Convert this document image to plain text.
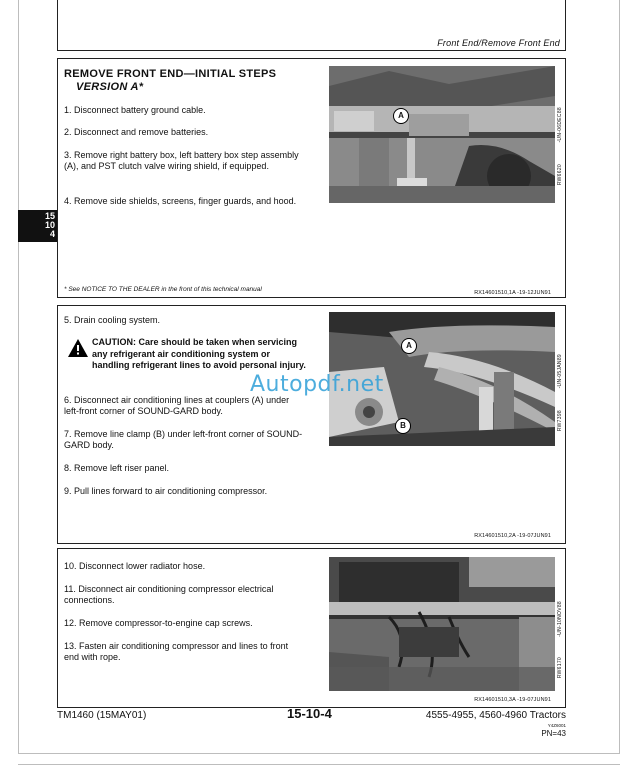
Front End/Remove Front End
15
10
4
REMOVE FRONT END—INITIAL STEPS
VERSION A*
1. Disconnect battery ground cable.
2. Disconnect and remove batteries.
3. Remove right battery box, left battery box step assembly (A), and PST clutch valve wiring shield, if equipped.
4. Remove side shields, screens, finger guards, and hood.
* See NOTICE TO THE DEALER in the front of this technical manual	RX14601510,1A -19-12JUN91
A
RW6620
-UN-06DEC88
5. Drain cooling system.
CAUTION: Care should be taken when servicing any refrigerant air conditioning system or handling refrigerant lines to avoid personal injury.
6. Disconnect air conditioning lines at couplers (A) under left-front corner of SOUND-GARD body.
7. Remove line clamp (B) under left-front corner of SOUND-GARD body.
8. Remove left riser panel.
9. Pull lines forward to air conditioning compressor.
RX14601510,2A -19-07JUN91
A
B	RW7398
-UN-05JAN89
Autopdf.net
10. Disconnect lower radiator hose.
11. Disconnect air conditioning compressor electrical connections.
12. Remove compressor-to-engine cap screws.
13. Fasten air conditioning compressor and lines to front end with rope.
RX14601510,3A -19-07JUN91
RW6170
-UN-10NOV88
TM1460 (15MAY01)	15-10-4	4555-4955, 4560-4960 Tractors
Y4Z6001
PN=43
